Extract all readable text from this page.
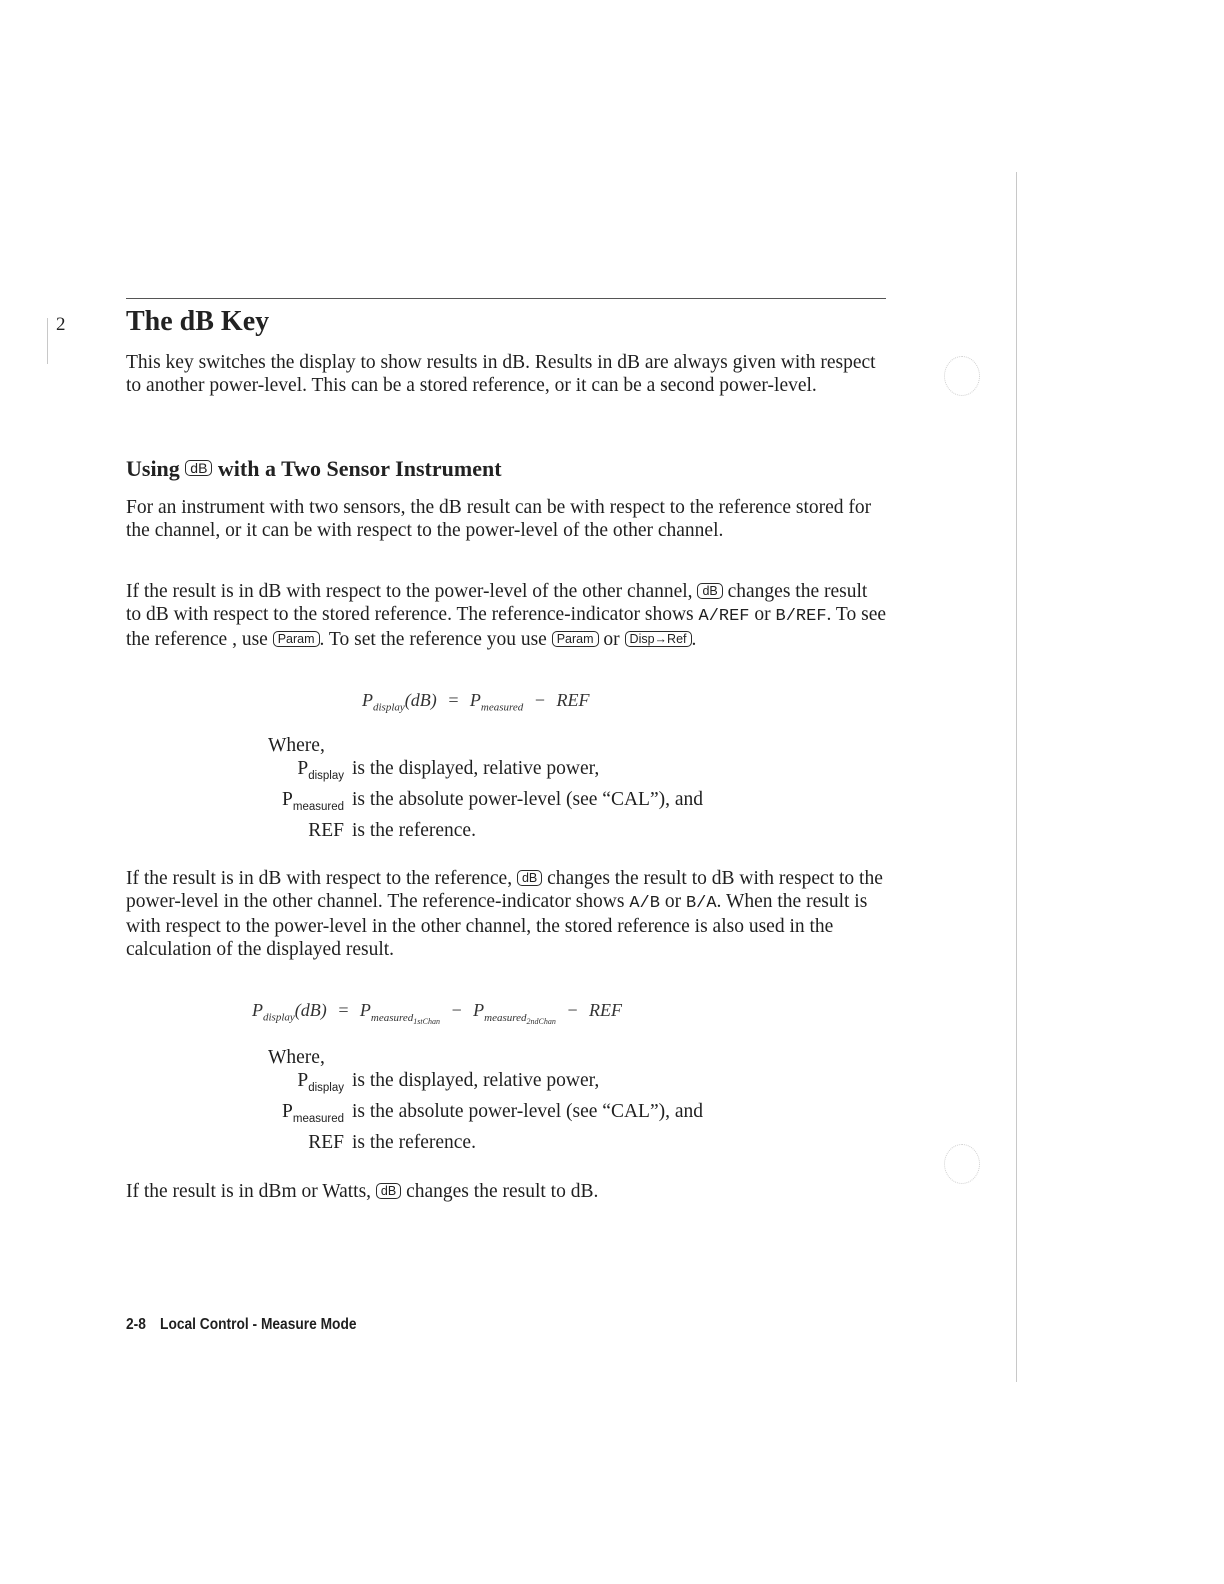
2 The dB Key

This key switches the display to show results in dB. Results in dB are always given with respect to another power-level. This can be a stored reference, or it can be a second power-level.

Using dB with a Two Sensor Instrument

For an instrument with two sensors, the dB result can be with respect to the reference stored for the channel, or it can be with respect to the power-level of the other channel.

If the result is in dB with respect to the power-level of the other channel, dB changes the result to dB with respect to the stored reference. The reference-indicator shows A/REF or B/REF. To see the reference , use Param . To set the reference you use Param or Disp→Ref .

$P_{display}(dB) = P_{measured}$ − REF
Where,
$P_{display}$ is the displayed, relative power,
$P_{measured}$ is the absolute power-level (see “CAL”), and
REF is the reference.

If the result is in dB with respect to the reference, dB changes the result to dB with respect to the power-level in the other channel. The reference-indicator shows A/B or B/A. When the result is with respect to the power-level in the other channel, the stored reference is also used in the calculation of the displayed result.

$P_{display}(dB) = P_{measured_{1stChan}} - P_{measured_{2ndChan}}$ − REF
Where,
$P_{display}$ is the displayed, relative power,
$P_{measured}$ is the absolute power-level (see “CAL”), and
REF is the reference.

If the result is in dBm or Watts, dB changes the result to dB.

2-8 Local Control - Measure Mode
